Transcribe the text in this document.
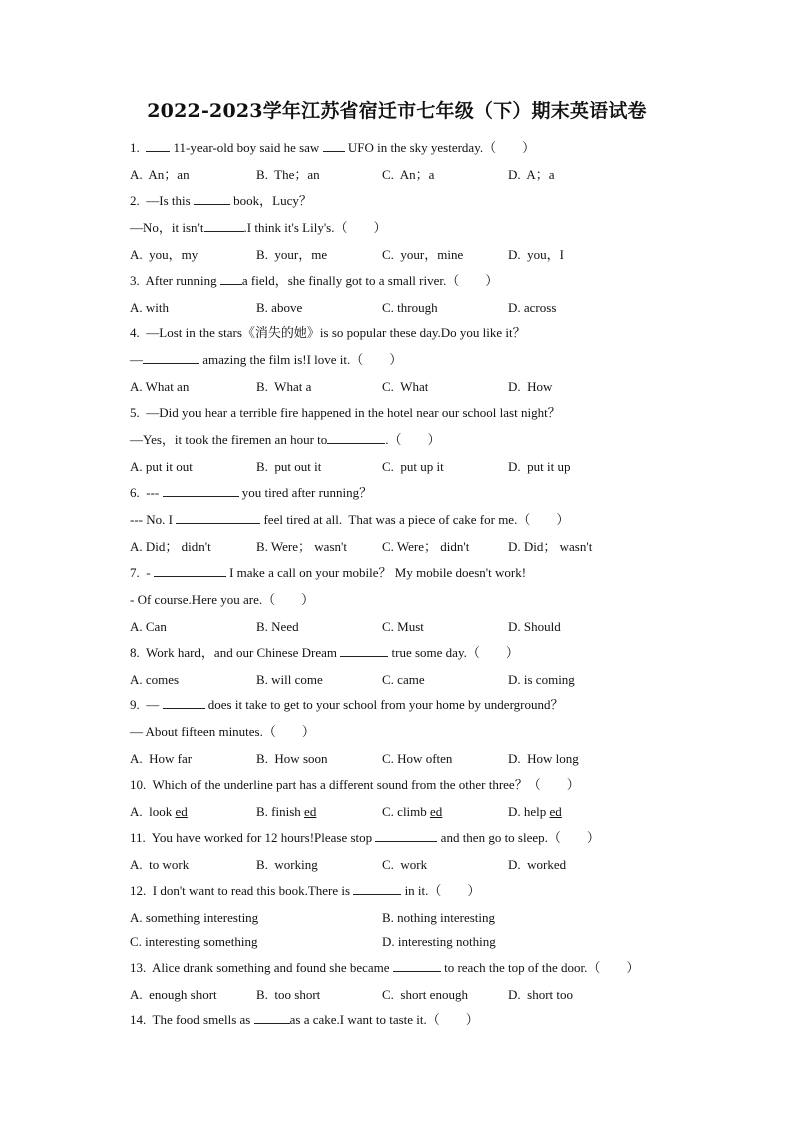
2022-2023学年江苏省宿迁市七年级（下）期末英语试卷
1.   11-year-old boy said he saw  UFO in the sky yesterday.（        ）
A.  An；an	B.  The；an	C.  An；a	D.  A；a
2.  —Is this	book，Lucy？
—No，it isn't	.I think it's Lily's.（        ）
A.  you，my	B.  your，me	C.  your，mine	D.  you，I
3.  After running a field，she finally got to a small river.（        ）
A. with	B. above	C. through	D. across
4.  —Lost in the stars《消失的她》is so popular these day.Do you like it？
—	amazing the film is!I love it.（        ）
A. What an	B.  What a	C.  What	D.  How
5.  —Did you hear a terrible fire happened in the hotel near our school last night？
—Yes，it took the firemen an hour to	.（        ）
A. put it out	B.  put out it	C.  put up it	D.  put it up
6.  ---	you tired after running？
--- No. I	feel tired at all.  That was a piece of cake for me.（        ）
A. Did； didn't	B. Were； wasn't	C. Were； didn't	D. Did； wasn't
7.  -	I make a call on your mobile？ My mobile doesn't work!
- Of course.Here you are.（        ）
A. Can	B. Need	C. Must	D. Should
8.  Work hard，and our Chinese Dream	true some day.（        ）
A. comes	B. will come	C. came	D. is coming
9.  —	does it take to get to your school from your home by underground？
— About fifteen minutes.（        ）
A.  How far	B.  How soon	C. How often	D.  How long
10.  Which of the underline part has a different sound from the other three？（        ）
A.  look ed	B. finish ed	C. climb ed	D. help ed
11.  You have worked for 12 hours!Please stop	and then go to sleep.（        ）
A.  to work	B.  working	C.  work	D.  worked
12.  I don't want to read this book.There is	in it.（        ）
A. something interesting	B. nothing interesting
C. interesting something	D. interesting nothing
13.  Alice drank something and found she became	to reach the top of the door.（        ）
A.  enough short	B.  too short	C.  short enough	D.  short too
14.  The food smells as	as a cake.I want to taste it.（        ）
